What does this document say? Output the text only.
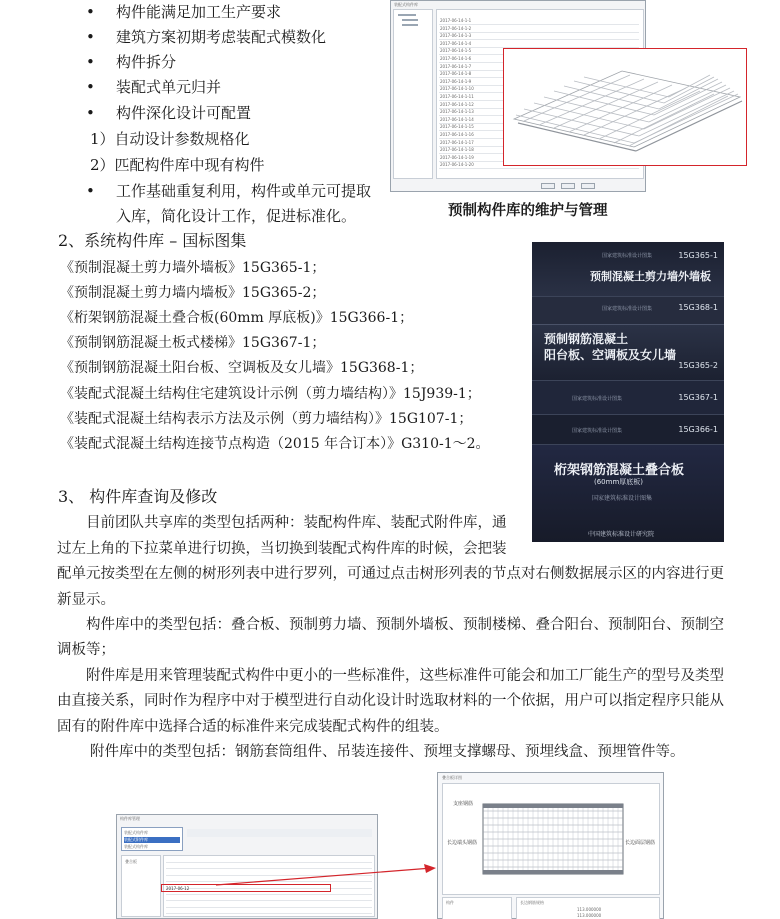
• 构件能满足加工生产要求
• 建筑方案初期考虑装配式模数化
• 构件拆分
• 装配式单元归并
• 构件深化设计可配置
1）自动设计参数规格化
2）匹配构件库中现有构件
• 工作基础重复利用，构件或单元可提取
入库，简化设计工作，促进标准化。
装配式构件库
2017-06-14-1-1
2017-06-14-1-2
2017-06-14-1-3
2017-06-14-1-4
2017-06-14-1-5
2017-06-14-1-6
2017-06-14-1-7
2017-06-14-1-8
2017-06-14-1-9
2017-06-14-1-10
2017-06-14-1-11
2017-06-14-1-12
2017-06-14-1-13
2017-06-14-1-14
2017-06-14-1-15
2017-06-14-1-16
2017-06-14-1-17
2017-06-14-1-18
2017-06-14-1-19
2017-06-14-1-20
预制构件库的维护与管理
2、系统构件库 – 国标图集
《预制混凝土剪力墙外墙板》15G365-1；
《预制混凝土剪力墙内墙板》15G365-2；
《桁架钢筋混凝土叠合板(60mm 厚底板)》15G366-1；
《预制钢筋混凝土板式楼梯》15G367-1；
《预制钢筋混凝土阳台板、空调板及女儿墙》15G368-1；
《装配式混凝土结构住宅建筑设计示例（剪力墙结构）》15J939-1；
《装配式混凝土结构表示方法及示例（剪力墙结构）》15G107-1；
《装配式混凝土结构连接节点构造（2015 年合订本）》G310-1～2。
国家建筑标准设计图集	15G365-1
预制混凝土剪力墙外墙板
国家建筑标准设计图集	15G368-1
预制钢筋混凝土
阳台板、空调板及女儿墙
15G365-2
国家建筑标准设计图集	15G367-1
国家建筑标准设计图集	15G366-1
桁架钢筋混凝土叠合板
(60mm厚底板)
国家建筑标准设计图集
中国建筑标准设计研究院
3、 构件库查询及修改
目前团队共享库的类型包括两种：装配构件库、装配式附件库，通
过左上角的下拉菜单进行切换，当切换到装配式构件库的时候，会把装
配单元按类型在左侧的树形列表中进行罗列，可通过点击树形列表的节点对右侧数据展示区的内容进行更
新显示。
构件库中的类型包括：叠合板、预制剪力墙、预制外墙板、预制楼梯、叠合阳台、预制阳台、预制空
调板等；
附件库是用来管理装配式构件中更小的一些标准件，这些标准件可能会和加工厂能生产的型号及类型
由直接关系，同时作为程序中对于模型进行自动化设计时选取材料的一个依据，用户可以指定程序只能从
固有的附件库中选择合适的标准件来完成装配式构件的组装。
附件库中的类型包括：钢筋套筒组件、吊装连接件、预埋支撑螺母、预埋线盒、预埋管件等。
构件库管理
装配式构件库
装配式附件库
装配式构件库
叠合板
2017-06-12
叠合板详图
支座钢筋
长边端头钢筋	长边面层钢筋
构件	长边钢筋规格
113.000000
113.000000
